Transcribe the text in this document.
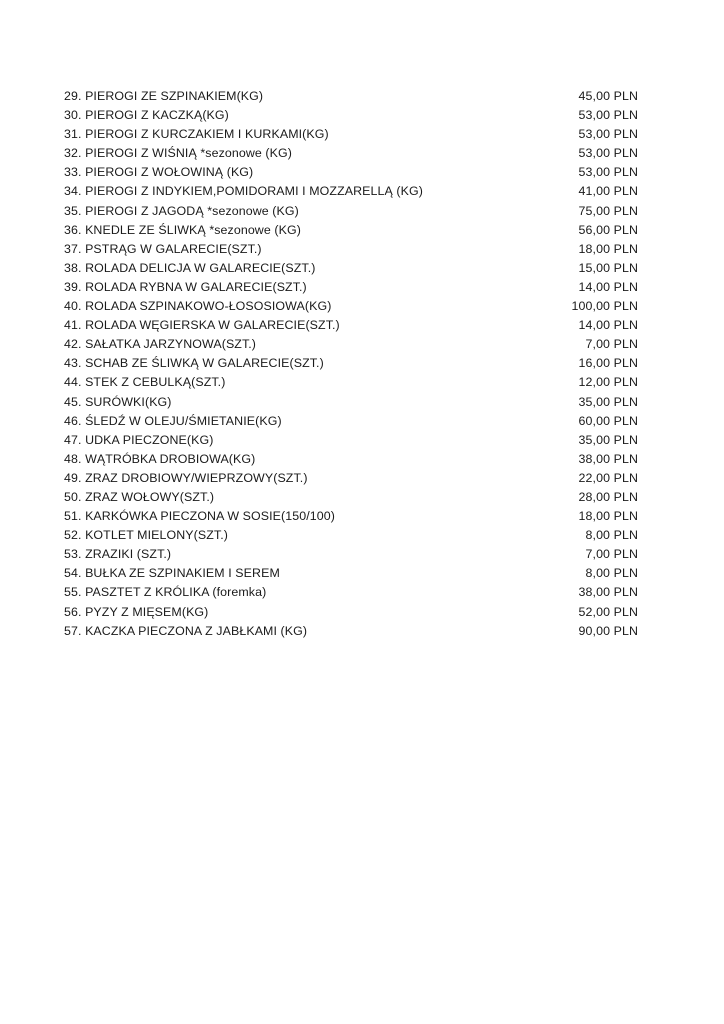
29. PIEROGI ZE SZPINAKIEM(KG)	45,00 PLN
30. PIEROGI Z KACZKĄ(KG)	53,00 PLN
31. PIEROGI Z KURCZAKIEM I KURKAMI(KG)	53,00 PLN
32. PIEROGI Z WIŚNIĄ *sezonowe (KG)	53,00 PLN
33. PIEROGI Z WOŁOWINĄ (KG)	53,00 PLN
34. PIEROGI Z INDYKIEM,POMIDORAMI I MOZZARELLĄ (KG)	41,00 PLN
35. PIEROGI Z JAGODĄ *sezonowe (KG)	75,00 PLN
36. KNEDLE ZE ŚLIWKĄ *sezonowe (KG)	56,00 PLN
37. PSTRĄG W GALARECIE(SZT.)	18,00 PLN
38. ROLADA DELICJA W GALARECIE(SZT.)	15,00 PLN
39. ROLADA RYBNA W GALARECIE(SZT.)	14,00 PLN
40. ROLADA SZPINAKOWO-ŁOSOSIOWA(KG)	100,00 PLN
41. ROLADA WĘGIERSKA W GALARECIE(SZT.)	14,00 PLN
42. SAŁATKA JARZYNOWA(SZT.)	7,00 PLN
43. SCHAB ZE ŚLIWKĄ W GALARECIE(SZT.)	16,00 PLN
44. STEK Z CEBULKĄ(SZT.)	12,00 PLN
45. SURÓWKI(KG)	35,00 PLN
46. ŚLEDŹ W OLEJU/ŚMIETANIE(KG)	60,00 PLN
47. UDKA PIECZONE(KG)	35,00 PLN
48. WĄTRÓBKA DROBIOWA(KG)	38,00 PLN
49. ZRAZ DROBIOWY/WIEPRZOWY(SZT.)	22,00 PLN
50. ZRAZ WOŁOWY(SZT.)	28,00 PLN
51. KARKÓWKA PIECZONA W SOSIE(150/100)	18,00 PLN
52. KOTLET MIELONY(SZT.)	8,00 PLN
53. ZRAZIKI (SZT.)	7,00 PLN
54. BUŁKA ZE SZPINAKIEM I SEREM	8,00 PLN
55. PASZTET Z KRÓLIKA (foremka)	38,00 PLN
56. PYZY Z MIĘSEM(KG)	52,00 PLN
57. KACZKA PIECZONA Z JABŁKAMI (KG)	90,00 PLN
